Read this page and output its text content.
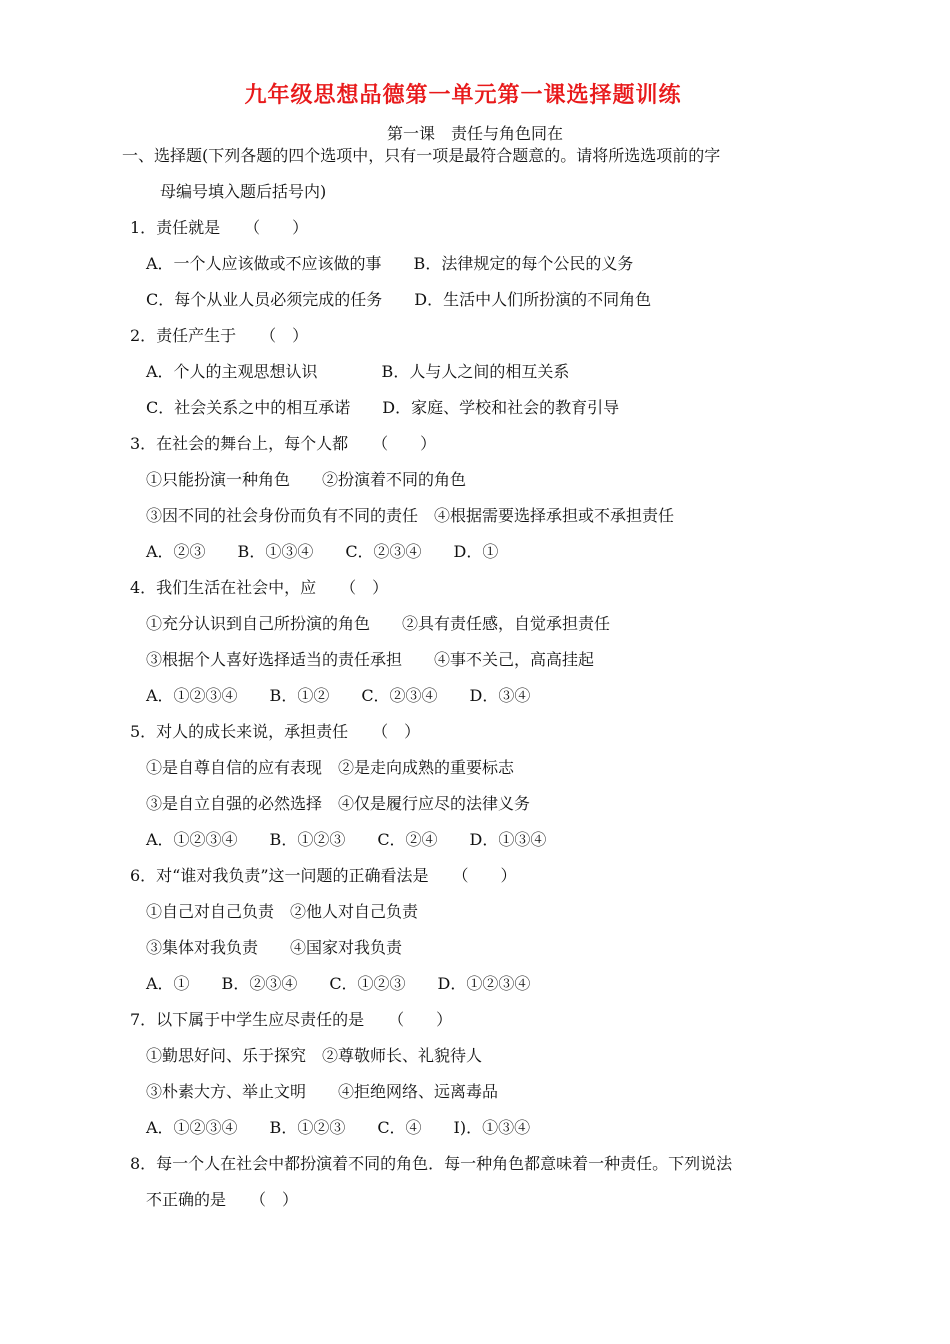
九年级思想品德第一单元第一课选择题训练
第一课　责任与角色同在
一、选择题(下列各题的四个选项中，只有一项是最符合题意的。请将所选选项前的字
母编号填入题后括号内)
1．责任就是　　（　　）
A．一个人应该做或不应该做的事　　B．法律规定的每个公民的义务
C．每个从业人员必须完成的任务　　D．生活中人们所扮演的不同角色
2．责任产生于　　（　）
A．个人的主观思想认识　　　　B．人与人之间的相互关系
C．社会关系之中的相互承诺　　D．家庭、学校和社会的教育引导
3．在社会的舞台上，每个人都　　（　　）
①只能扮演一种角色　　②扮演着不同的角色
③因不同的社会身份而负有不同的责任　④根据需要选择承担或不承担责任
A．②③　　B．①③④　　C．②③④　　D．①
4．我们生活在社会中，应　　（　）
①充分认识到自己所扮演的角色　　②具有责任感，自觉承担责任
③根据个人喜好选择适当的责任承担　　④事不关己，高高挂起
A．①②③④　　B．①②　　C．②③④　　D．③④
5．对人的成长来说，承担责任　　（　）
①是自尊自信的应有表现　②是走向成熟的重要标志
③是自立自强的必然选择　④仅是履行应尽的法律义务
A．①②③④　　B．①②③　　C．②④　　D．①③④
6．对“谁对我负责”这一问题的正确看法是　　（　　）
①自己对自己负责　②他人对自己负责
③集体对我负责　　④国家对我负责
A．①　　B．②③④　　C．①②③　　D．①②③④
7．以下属于中学生应尽责任的是　　（　　）
①勤思好问、乐于探究　②尊敬师长、礼貌待人
③朴素大方、举止文明　　④拒绝网络、远离毒品
A．①②③④　　B．①②③　　C．④　　I)．①③④
8．每一个人在社会中都扮演着不同的角色．每一种角色都意味着一种责任。下列说法
不正确的是　　（　）
